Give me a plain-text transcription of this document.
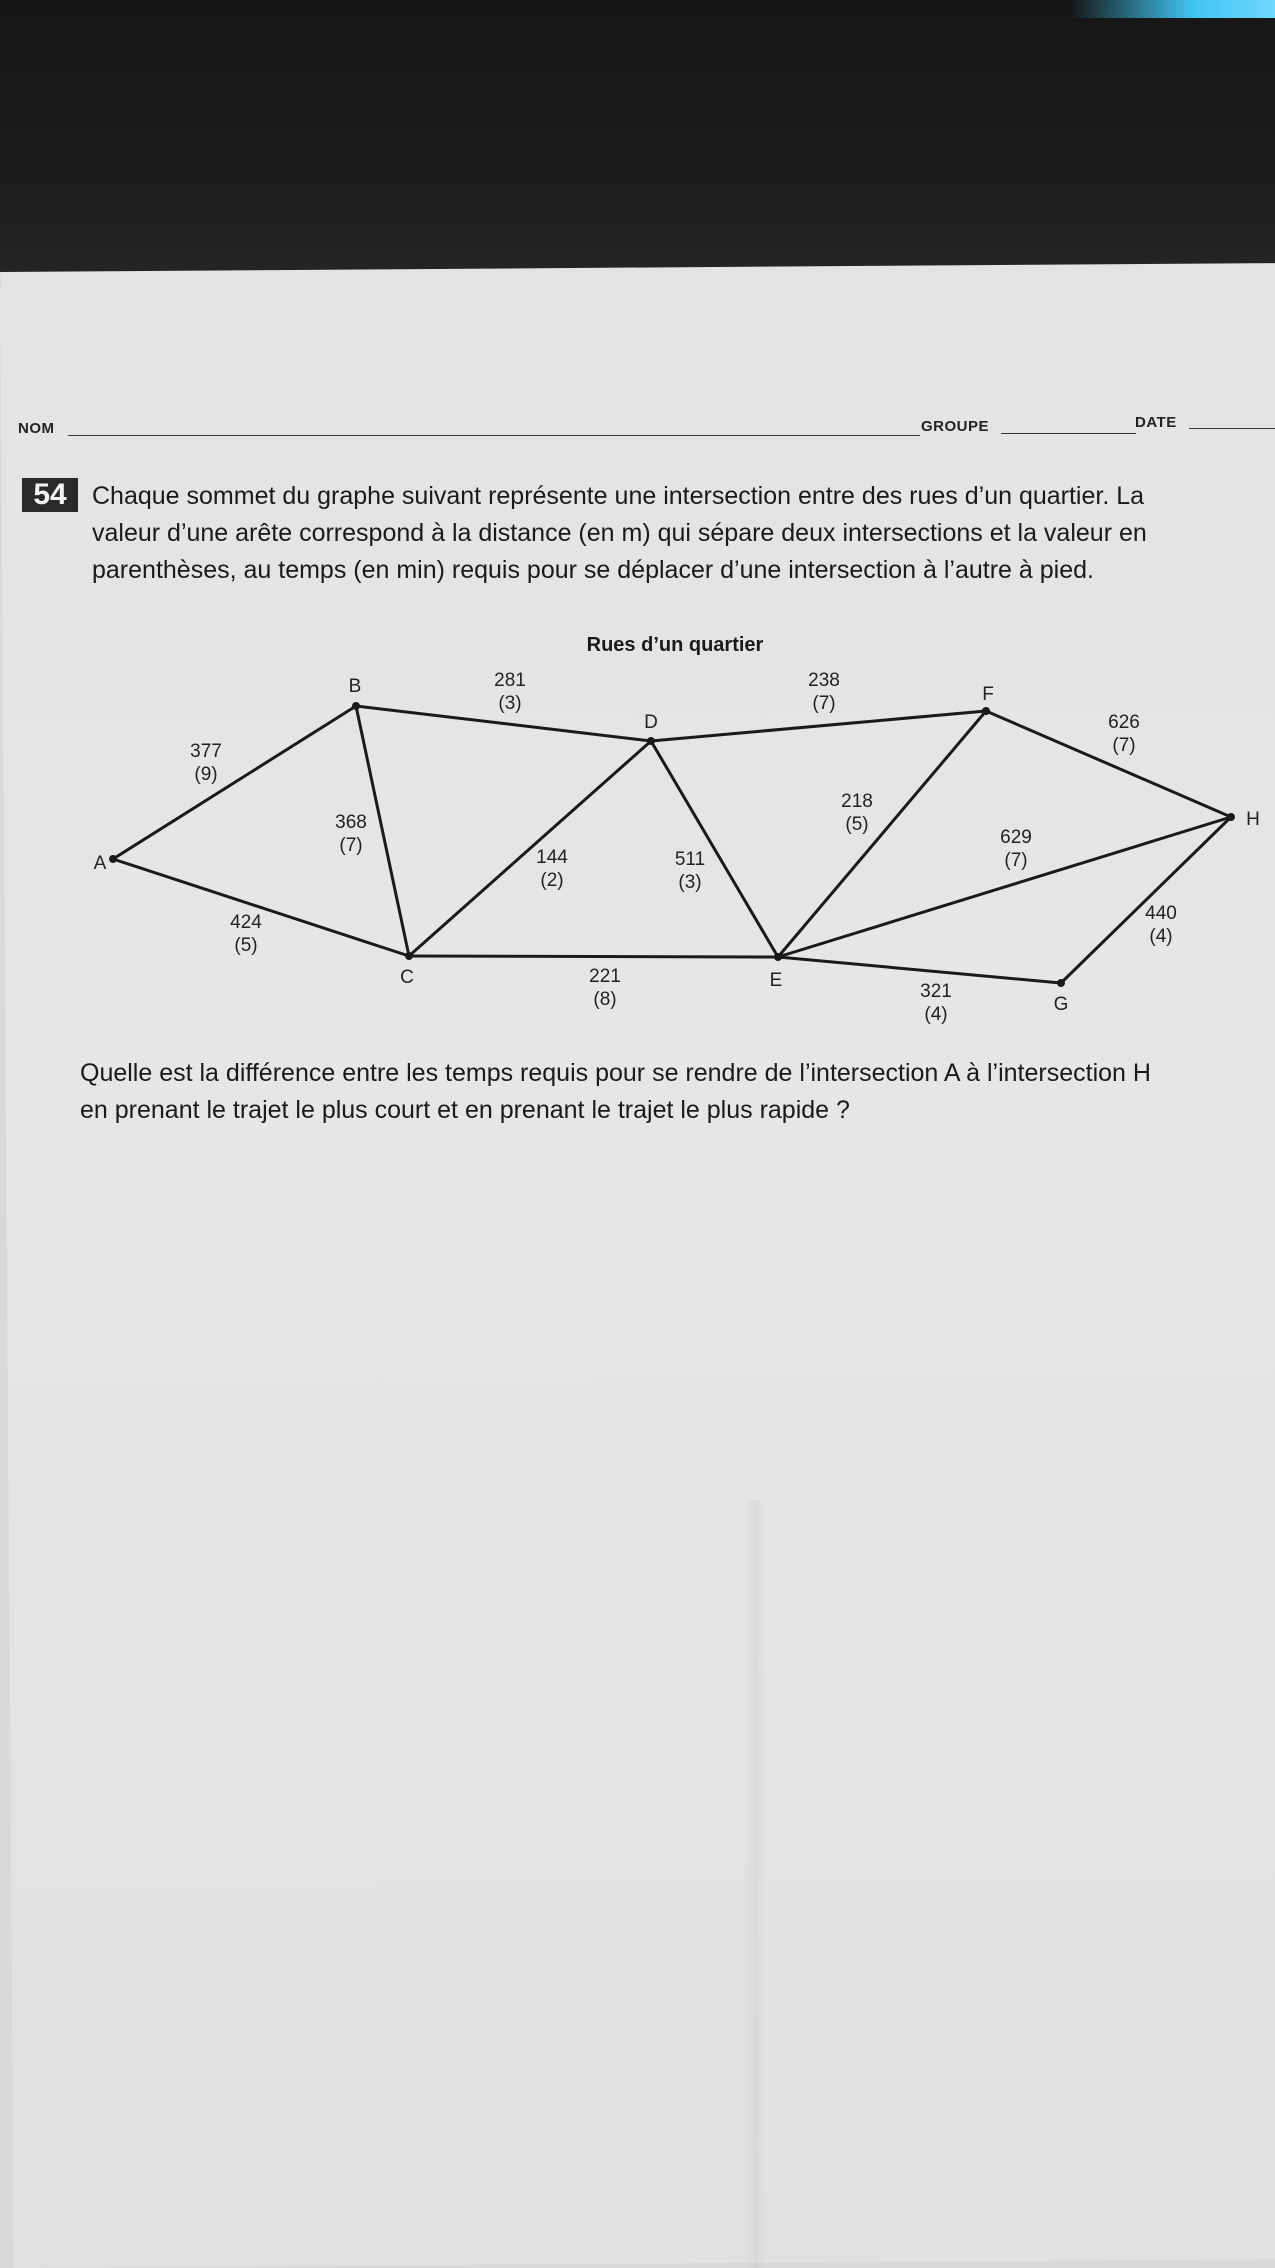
NOM	GROUPE	DATE
54	Chaque sommet du graphe suivant représente une intersection entre des rues d’un quartier. La
valeur d’une arête correspond à la distance (en m) qui sépare deux intersections et la valeur en
parenthèses, au temps (en min) requis pour se déplacer d’une intersection à l’autre à pied.
Rues d’un quartier
377
(9)
424
(5)
368
(7)
281
(3)
144
(2)
221
(8)
511
(3)
238
(7)
218
(5)
629
(7)
321
(4)
626
(7)
440
(4)
A
B
C
D
E
F
G
H
Quelle est la différence entre les temps requis pour se rendre de l’intersection A à l’intersection H
en prenant le trajet le plus court et en prenant le trajet le plus rapide ?
